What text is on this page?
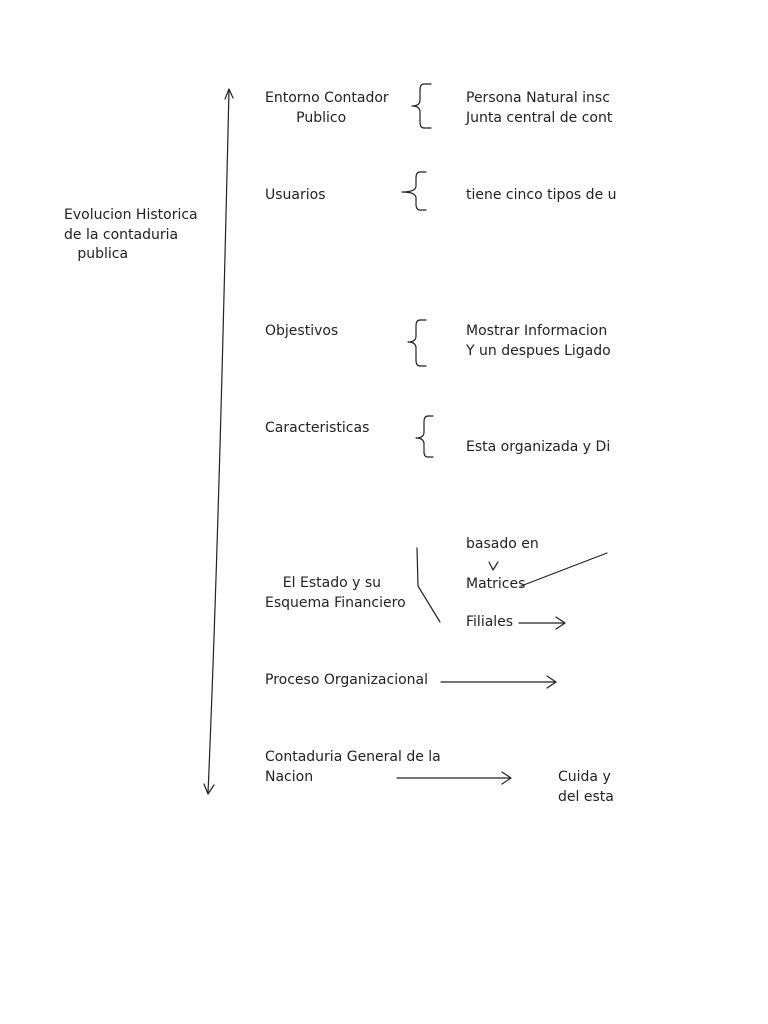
Evolucion Historica
de la contaduria
publica
Entorno Contador
Publico
Persona Natural insc
Junta central de cont
Usuarios	tiene cinco tipos de u
Objestivos	Mostrar Informacion
Y un despues Ligado
Caracteristicas
Esta organizada y Di
basado en
El Estado y su
Esquema Financiero
Matrices
Filiales
Proceso Organizacional
Contaduria General de la
Nacion	Cuida y
del esta
